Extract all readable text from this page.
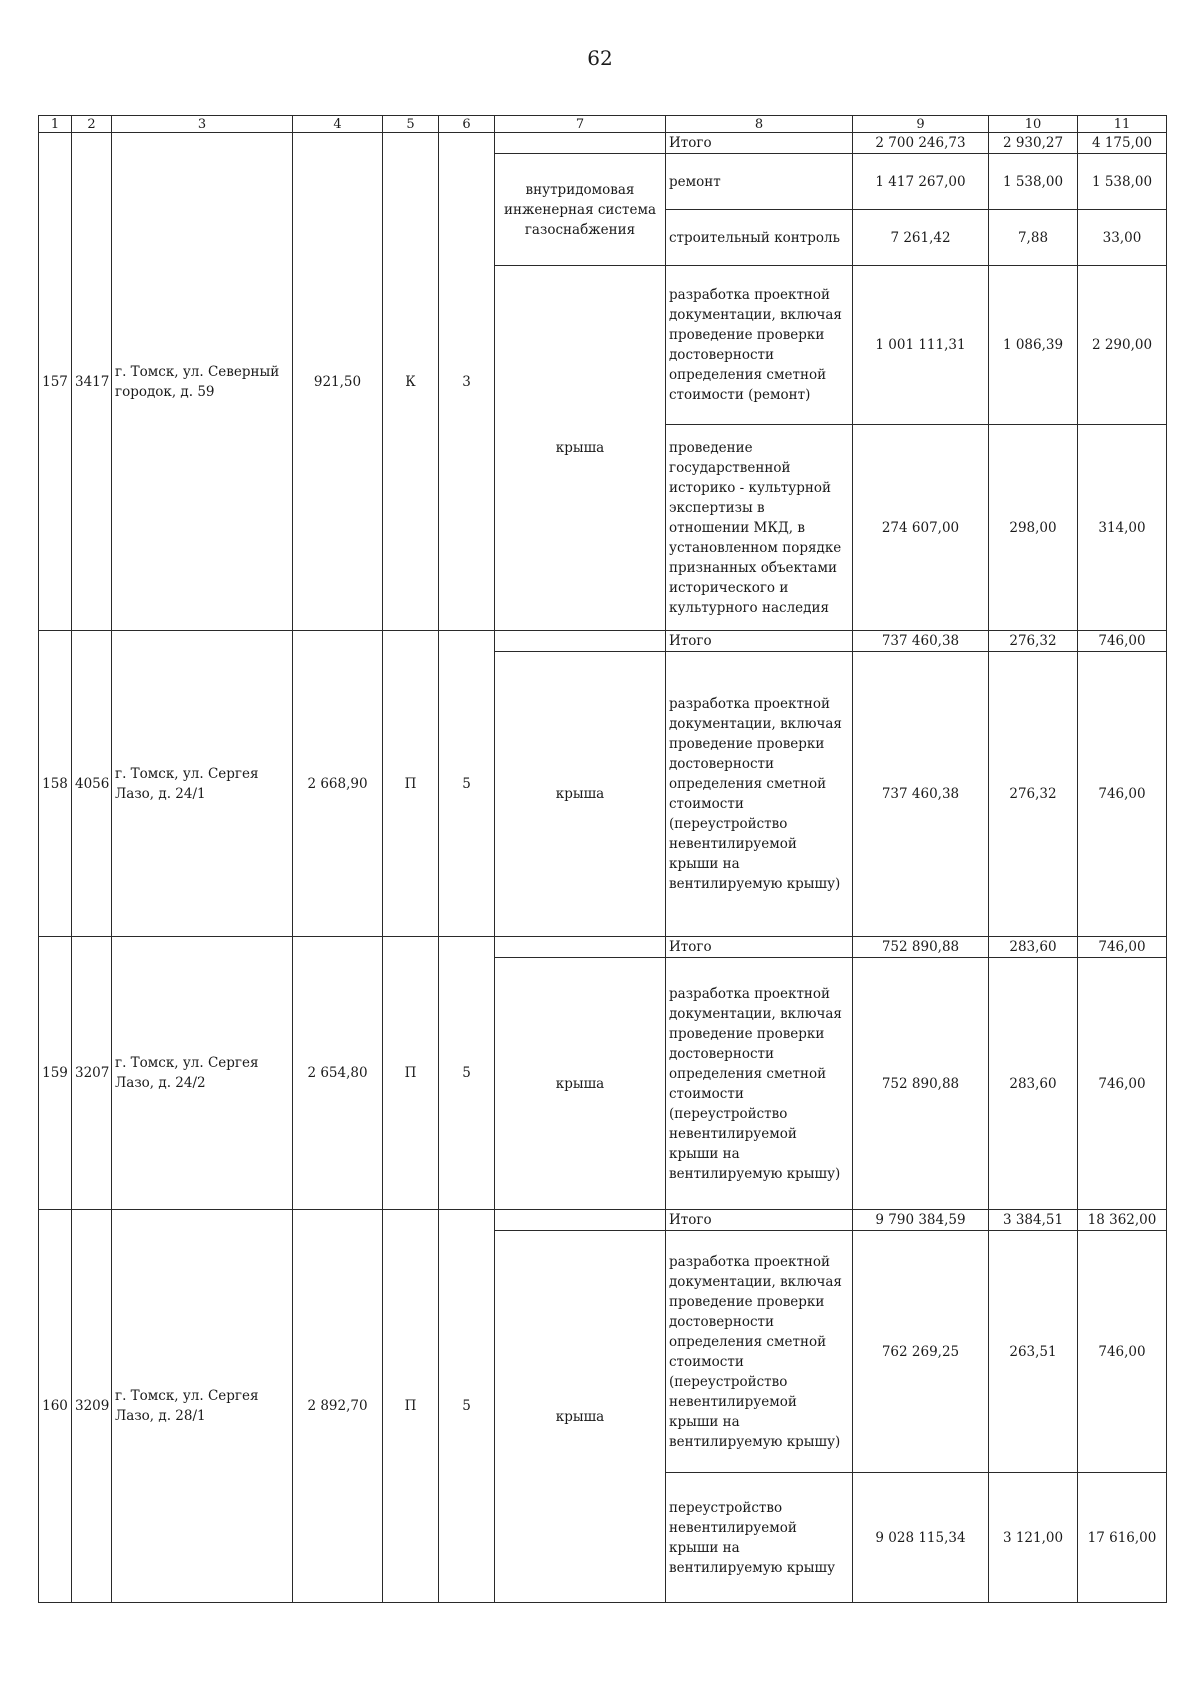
62
1	2	3	4	5	6	7	8	9	10	11
157	3417	г. Томск, ул. Северный городок, д. 59	921,50	К	3		Итого	2 700 246,73	2 930,27	4 175,00
						внутридомовая инженерная система газоснабжения	ремонт	1 417 267,00	1 538,00	1 538,00
							строительный контроль	7 261,42	7,88	33,00
						крыша	разработка проектной документации, включая проведение проверки достоверности определения сметной стоимости (ремонт)	1 001 111,31	1 086,39	2 290,00
							проведение государственной историко - культурной экспертизы в отношении МКД, в установленном порядке признанных объектами исторического и культурного наследия	274 607,00	298,00	314,00
158	4056	г. Томск, ул. Сергея Лазо, д. 24/1	2 668,90	П	5		Итого	737 460,38	276,32	746,00
						крыша	разработка проектной документации, включая проведение проверки достоверности определения сметной стоимости (переустройство невентилируемой крыши на вентилируемую крышу)	737 460,38	276,32	746,00
159	3207	г. Томск, ул. Сергея Лазо, д. 24/2	2 654,80	П	5		Итого	752 890,88	283,60	746,00
						крыша	разработка проектной документации, включая проведение проверки достоверности определения сметной стоимости (переустройство невентилируемой крыши на вентилируемую крышу)	752 890,88	283,60	746,00
160	3209	г. Томск, ул. Сергея Лазо, д. 28/1	2 892,70	П	5		Итого	9 790 384,59	3 384,51	18 362,00
						крыша	разработка проектной документации, включая проведение проверки достоверности определения сметной стоимости (переустройство невентилируемой крыши на вентилируемую крышу)	762 269,25	263,51	746,00
							переустройство невентилируемой крыши на вентилируемую крышу	9 028 115,34	3 121,00	17 616,00
